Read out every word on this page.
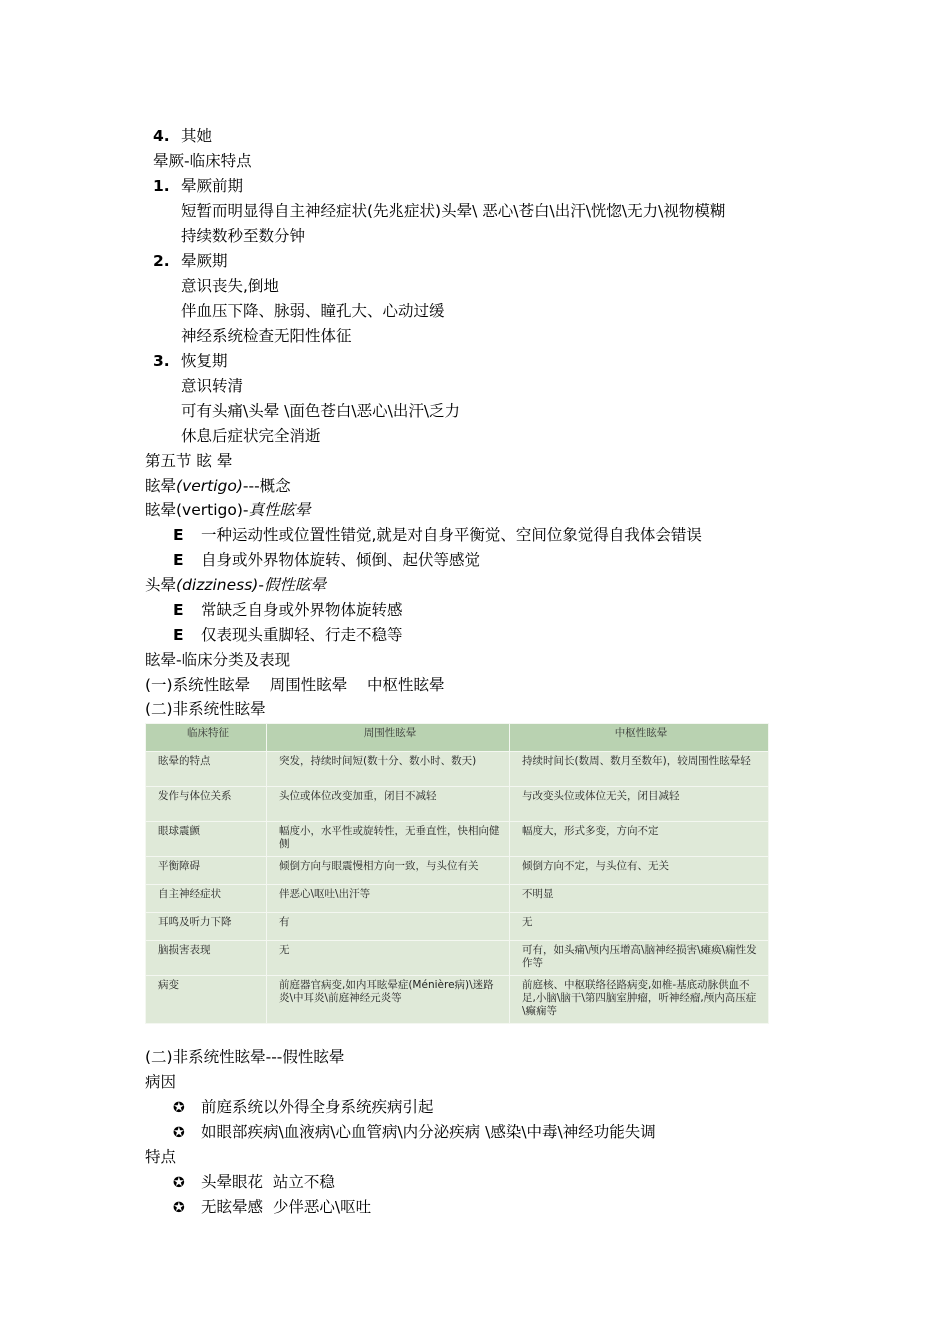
4. 其她
晕厥-临床特点
1. 晕厥前期
短暂而明显得自主神经症状(先兆症状)头晕\ 恶心\苍白\出汗\恍惚\无力\视物模糊
持续数秒至数分钟
2. 晕厥期
意识丧失,倒地
伴血压下降、脉弱、瞳孔大、心动过缓
神经系统检查无阳性体征
3. 恢复期
意识转清
可有头痛\头晕 \面色苍白\恶心\出汗\乏力
休息后症状完全消逝
第五节 眩 晕
眩晕(vertigo)---概念
眩晕(vertigo)-真性眩晕
E 一种运动性或位置性错觉,就是对自身平衡觉、空间位象觉得自我体会错误
E 自身或外界物体旋转、倾倒、起伏等感觉
头晕(dizziness)-假性眩晕
E 常缺乏自身或外界物体旋转感
E 仅表现头重脚轻、行走不稳等
眩晕-临床分类及表现
(一)系统性眩晕    周围性眩晕    中枢性眩晕
(二)非系统性眩晕
临床特征	周围性眩晕	中枢性眩晕
眩晕的特点	突发，持续时间短(数十分、数小时、数天)	持续时间长(数周、数月至数年)，较周围性眩晕轻
发作与体位关系	头位或体位改变加重，闭目不减轻	与改变头位或体位无关，闭目减轻
眼球震颤	幅度小，水平性或旋转性，无垂直性，快相向健侧	幅度大，形式多变，方向不定
平衡障碍	倾倒方向与眼震慢相方向一致，与头位有关	倾倒方向不定，与头位有、无关
自主神经症状	伴恶心\呕吐\出汗等	不明显
耳鸣及听力下降	有	无
脑损害表现	无	可有，如头痛\颅内压增高\脑神经损害\瘫痪\痫性发作等
病变	前庭器官病变,如内耳眩晕症(Ménière病)\迷路炎\中耳炎\前庭神经元炎等	前庭核、中枢联络径路病变,如椎-基底动脉供血不足,小脑\脑干\第四脑室肿瘤，听神经瘤,颅内高压症\癫痫等
(二)非系统性眩晕---假性眩晕
病因
✪ 前庭系统以外得全身系统疾病引起
✪ 如眼部疾病\血液病\心血管病\内分泌疾病 \感染\中毒\神经功能失调
特点
✪ 头晕眼花  站立不稳
✪ 无眩晕感  少伴恶心\呕吐
